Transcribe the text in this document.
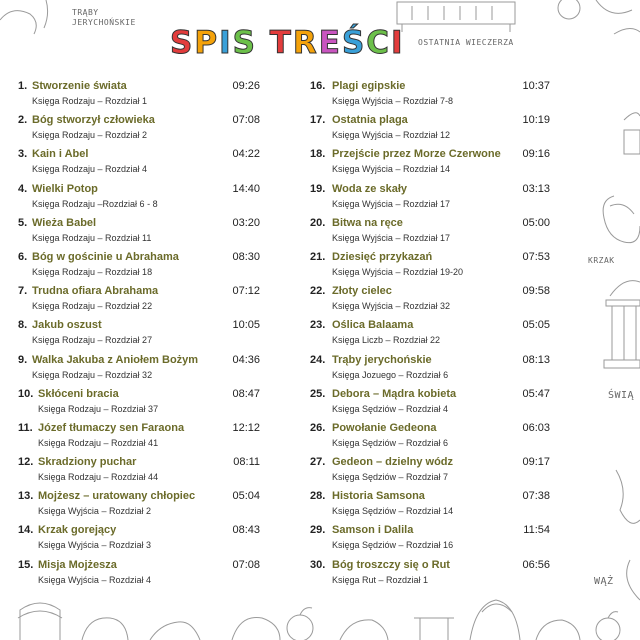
TRĄBY
JERYCHOŃSKIE
OSTATNIA WIECZERZA
KRZAK
ŚWIĄ
WĄŻ
SPIS TREŚCI
1. Stworzenie świata	09:26
Księga Rodzaju – Rozdział 1
2. Bóg stworzył człowieka	07:08
Księga Rodzaju – Rozdział 2
3. Kain i Abel	04:22
Księga Rodzaju – Rozdział 4
4. Wielki Potop	14:40
Księga Rodzaju –Rozdział 6 - 8
5. Wieża Babel	03:20
Księga Rodzaju – Rozdział 11
6. Bóg w gościnie u Abrahama	08:30
Księga Rodzaju – Rozdział 18
7. Trudna ofiara Abrahama	07:12
Księga Rodzaju – Rozdział 22
8. Jakub oszust	10:05
Księga Rodzaju – Rozdział 27
9. Walka Jakuba z Aniołem Bożym	04:36
Księga Rodzaju – Rozdział 32
10. Skłóceni bracia	08:47
Księga Rodzaju – Rozdział 37
11. Józef tłumaczy sen Faraona	12:12
Księga Rodzaju – Rozdział 41
12. Skradziony puchar	08:11
Księga Rodzaju – Rozdział 44
13. Mojżesz – uratowany chłopiec	05:04
Księga Wyjścia – Rozdział 2
14. Krzak gorejący	08:43
Księga Wyjścia – Rozdział 3
15. Misja Mojżesza	07:08
Księga Wyjścia – Rozdział 4
16. Plagi egipskie	10:37
Księga Wyjścia – Rozdział 7-8
17. Ostatnia plaga	10:19
Księga Wyjścia – Rozdział 12
18. Przejście przez Morze Czerwone 09:16
Księga Wyjścia – Rozdział 14
19. Woda ze skały	03:13
Księga Wyjścia – Rozdział 17
20. Bitwa na ręce	05:00
Księga Wyjścia – Rozdział 17
21. Dziesięć przykazań	07:53
Księga Wyjścia – Rozdział 19-20
22. Złoty cielec	09:58
Księga Wyjścia – Rozdział 32
23. Oślica Balaama	05:05
Księga Liczb – Rozdział 22
24. Trąby jerychońskie	08:13
Księga Jozuego – Rozdział 6
25. Debora – Mądra kobieta	05:47
Księga Sędziów – Rozdział 4
26. Powołanie Gedeona	06:03
Księga Sędziów – Rozdział 6
27. Gedeon – dzielny wódz	09:17
Księga Sędziów – Rozdział 7
28. Historia Samsona	07:38
Księga Sędziów – Rozdział 14
29. Samson i Dalila	11:54
Księga Sędziów – Rozdział 16
30. Bóg troszczy się o Rut	06:56
Księga Rut – Rozdział 1
